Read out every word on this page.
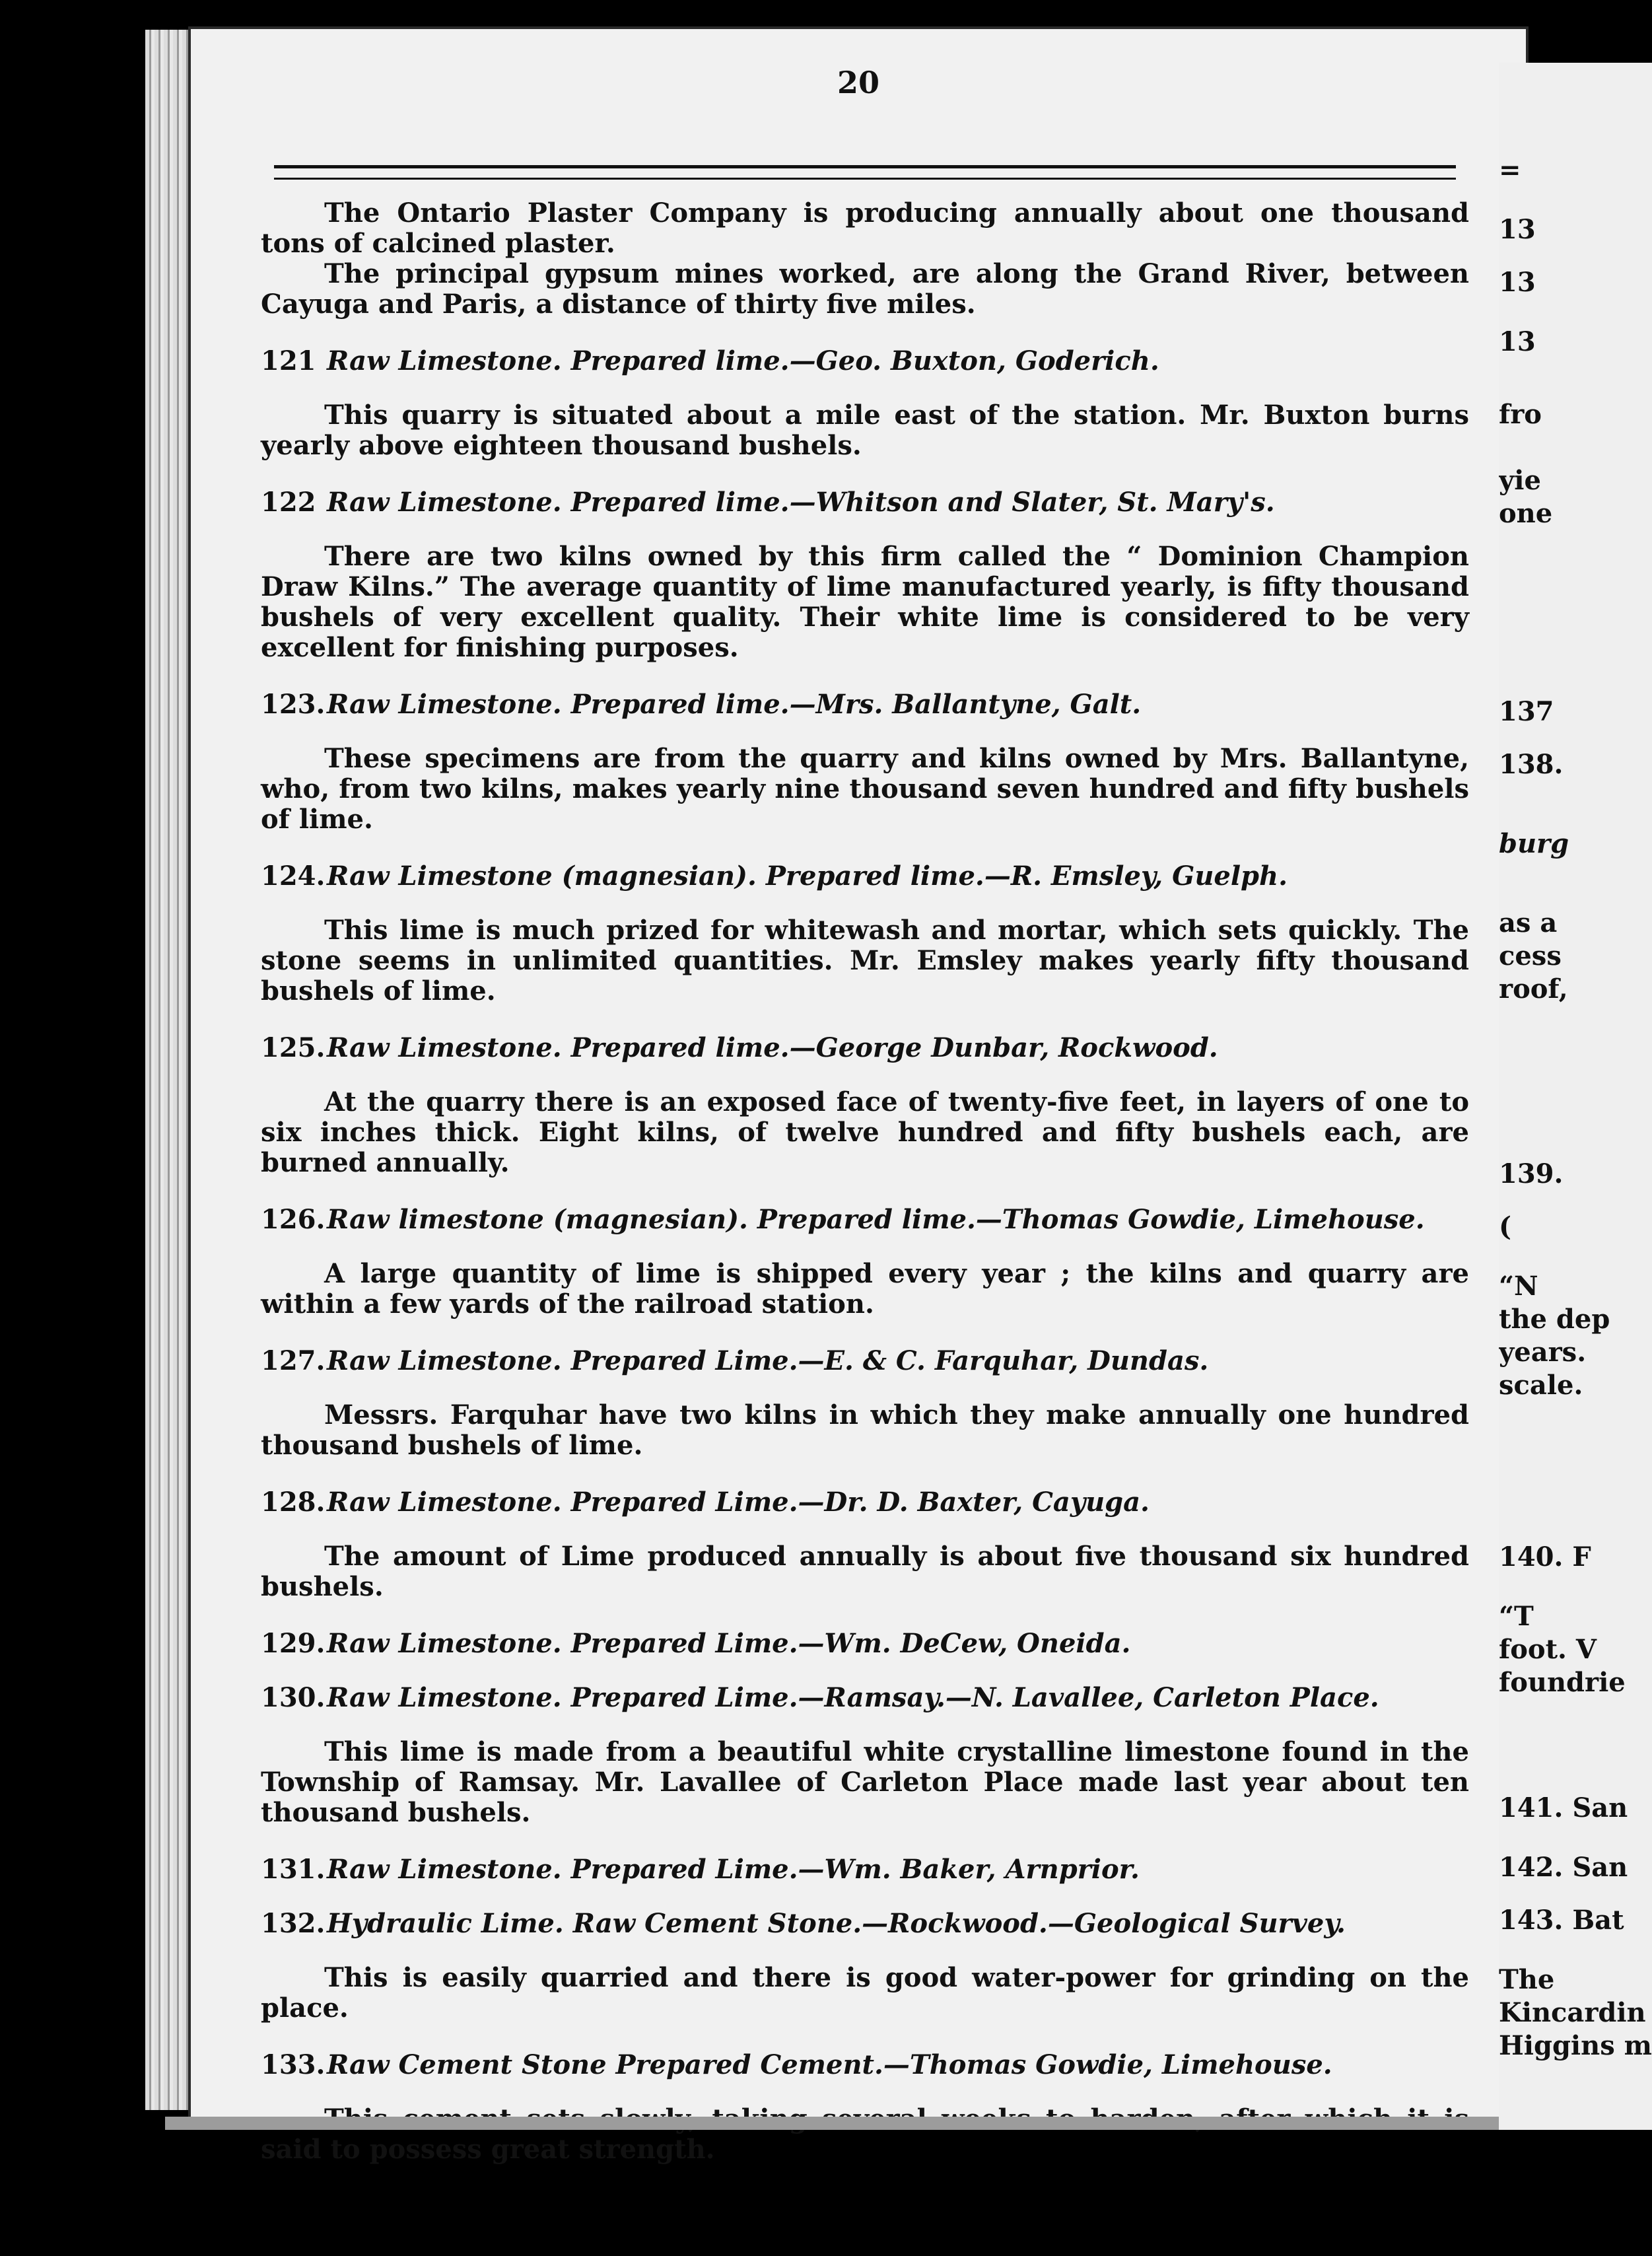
20

The Ontario Plaster Company is producing annually about one thousand tons of calcined plaster.

The principal gypsum mines worked, are along the Grand River, between Cayuga and Paris, a distance of thirty five miles.

121 Raw Limestone. Prepared lime.—Geo. Buxton, Goderich.

This quarry is situated about a mile east of the station. Mr. Buxton burns yearly above eighteen thousand bushels.

122 Raw Limestone. Prepared lime.—Whitson and Slater, St. Mary's.

There are two kilns owned by this firm called the “ Dominion Champion Draw Kilns.” The average quantity of lime manufactured yearly, is fifty thousand bushels of very excellent quality. Their white lime is considered to be very excellent for finishing purposes.

123.Raw Limestone. Prepared lime.—Mrs. Ballantyne, Galt.

These specimens are from the quarry and kilns owned by Mrs. Ballantyne, who, from two kilns, makes yearly nine thousand seven hundred and fifty bushels of lime.

124.Raw Limestone (magnesian). Prepared lime.—R. Emsley, Guelph.

This lime is much prized for whitewash and mortar, which sets quickly. The stone seems in unlimited quantities. Mr. Emsley makes yearly fifty thousand bushels of lime.

125.Raw Limestone. Prepared lime.—George Dunbar, Rockwood.

At the quarry there is an exposed face of twenty-five feet, in layers of one to six inches thick. Eight kilns, of twelve hundred and fifty bushels each, are burned annually.

126.Raw limestone (magnesian). Prepared lime.—Thomas Gowdie, Limehouse.

A large quantity of lime is shipped every year ; the kilns and quarry are within a few yards of the railroad station.

127.Raw Limestone. Prepared Lime.—E. & C. Farquhar, Dundas.

Messrs. Farquhar have two kilns in which they make annually one hundred thousand bushels of lime.

128.Raw Limestone. Prepared Lime.—Dr. D. Baxter, Cayuga.

The amount of Lime produced annually is about five thousand six hundred bushels.

129.Raw Limestone. Prepared Lime.—Wm. DeCew, Oneida.
130.Raw Limestone. Prepared Lime.—Ramsay.—N. Lavallee, Carleton Place.

This lime is made from a beautiful white crystalline limestone found in the Township of Ramsay. Mr. Lavallee of Carleton Place made last year about ten thousand bushels.

131.Raw Limestone. Prepared Lime.—Wm. Baker, Arnprior.
132.Hydraulic Lime. Raw Cement Stone.—Rockwood.—Geological Survey.

This is easily quarried and there is good water-power for grinding on the place.

133.Raw Cement Stone Prepared Cement.—Thomas Gowdie, Limehouse.

said to possess great strength.

=
13
13
13
fro
yie
one
137
138.
burg
as a
cess
roof,
139.
(
“N
the dep
years.
scale.
140. F
“T
foot. V
foundrie
141. San
142. San
143. Bat
The
Kincardin
Higgins m
